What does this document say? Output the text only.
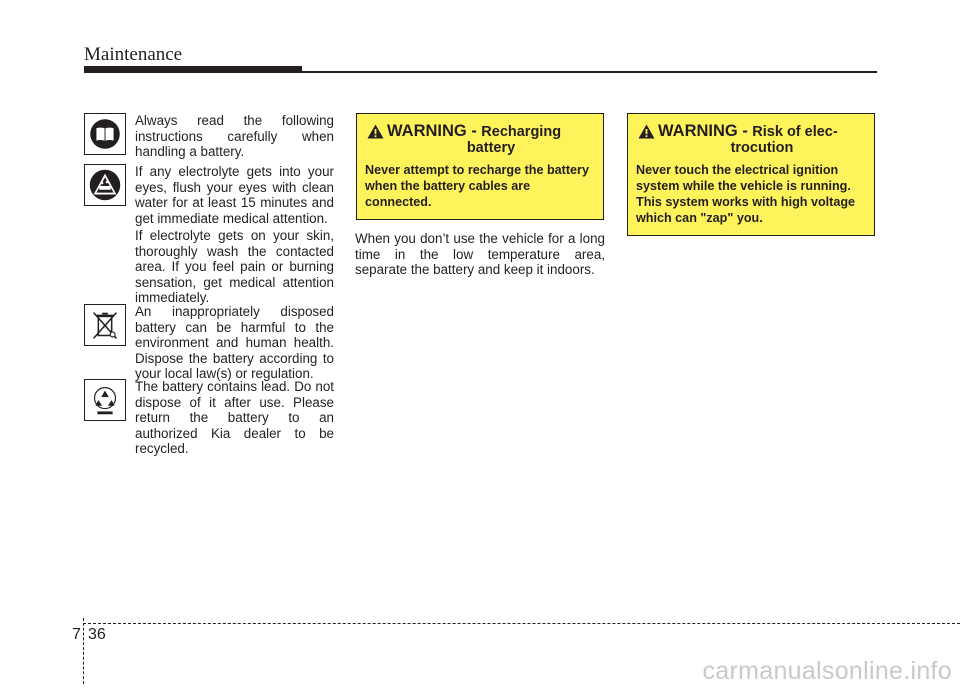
Maintenance
Always read the following instructions carefully when handling a battery.
If any electrolyte gets into your eyes, flush your eyes with clean water for at least 15 minutes and get immediate medical attention.
If electrolyte gets on your skin, thoroughly wash the contacted area. If you feel pain or burning sensation, get medical attention immediately.
An inappropriately disposed battery can be harmful to the environment and human health. Dispose the battery according to your local law(s) or regulation.
The battery contains lead. Do not dispose of it after use. Please return the battery to an authorized Kia dealer to be recycled.
WARNING - Recharging
battery
Never attempt to recharge the battery when the battery cables are connected.
WARNING - Risk of elec-
trocution
Never touch the electrical ignition system while the vehicle is running. This system works with high voltage which can "zap" you.
When you don’t use the vehicle for a long time in the low temperature area, separate the battery and keep it indoors.
7 36
carmanualsonline.info
